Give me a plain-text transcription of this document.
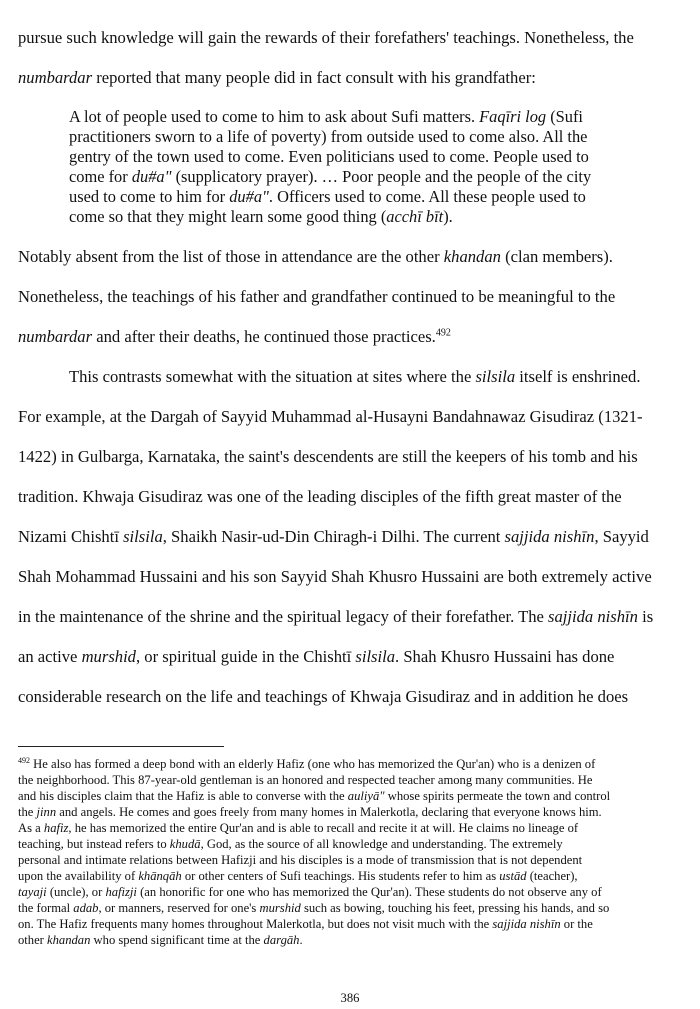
pursue such knowledge will gain the rewards of their forefathers' teachings. Nonetheless, the
numbardar reported that many people did in fact consult with his grandfather:
A lot of people used to come to him to ask about Sufi matters. Faqīri log (Sufi
practitioners sworn to a life of poverty) from outside used to come also. All the
gentry of the town used to come. Even politicians used to come. People used to
come for du#a" (supplicatory prayer). … Poor people and the people of the city
used to come to him for du#a". Officers used to come. All these people used to
come so that they might learn some good thing (acchī bīt).
Notably absent from the list of those in attendance are the other khandan (clan members).
Nonetheless, the teachings of his father and grandfather continued to be meaningful to the
numbardar and after their deaths, he continued those practices.$^{492}$
This contrasts somewhat with the situation at sites where the silsila itself is enshrined.
For example, at the Dargah of Sayyid Muhammad al-Husayni Bandahnawaz Gisudiraz (1321-
1422) in Gulbarga, Karnataka, the saint's descendents are still the keepers of his tomb and his
tradition. Khwaja Gisudiraz was one of the leading disciples of the fifth great master of the
Nizami Chishtī silsila, Shaikh Nasir-ud-Din Chiragh-i Dilhi. The current sajjida nishīn, Sayyid
Shah Mohammad Hussaini and his son Sayyid Shah Khusro Hussaini are both extremely active
in the maintenance of the shrine and the spiritual legacy of their forefather. The sajjida nishīn is
an active murshid, or spiritual guide in the Chishtī silsila. Shah Khusro Hussaini has done
considerable research on the life and teachings of Khwaja Gisudiraz and in addition he does
$^{492}$ He also has formed a deep bond with an elderly Hafiz (one who has memorized the Qur'an) who is a denizen of
the neighborhood. This 87-year-old gentleman is an honored and respected teacher among many communities. He
and his disciples claim that the Hafiz is able to converse with the auliyā" whose spirits permeate the town and control
the jinn and angels. He comes and goes freely from many homes in Malerkotla, declaring that everyone knows him.
As a hafiz, he has memorized the entire Qur'an and is able to recall and recite it at will. He claims no lineage of
teaching, but instead refers to khudā, God, as the source of all knowledge and understanding. The extremely
personal and intimate relations between Hafizji and his disciples is a mode of transmission that is not dependent
upon the availability of khānqāh or other centers of Sufi teachings. His students refer to him as ustād (teacher),
tayaji (uncle), or hafizji (an honorific for one who has memorized the Qur'an). These students do not observe any of
the formal adab, or manners, reserved for one's murshid such as bowing, touching his feet, pressing his hands, and so
on. The Hafiz frequents many homes throughout Malerkotla, but does not visit much with the sajjida nishīn or the
other khandan who spend significant time at the dargāh.
386
